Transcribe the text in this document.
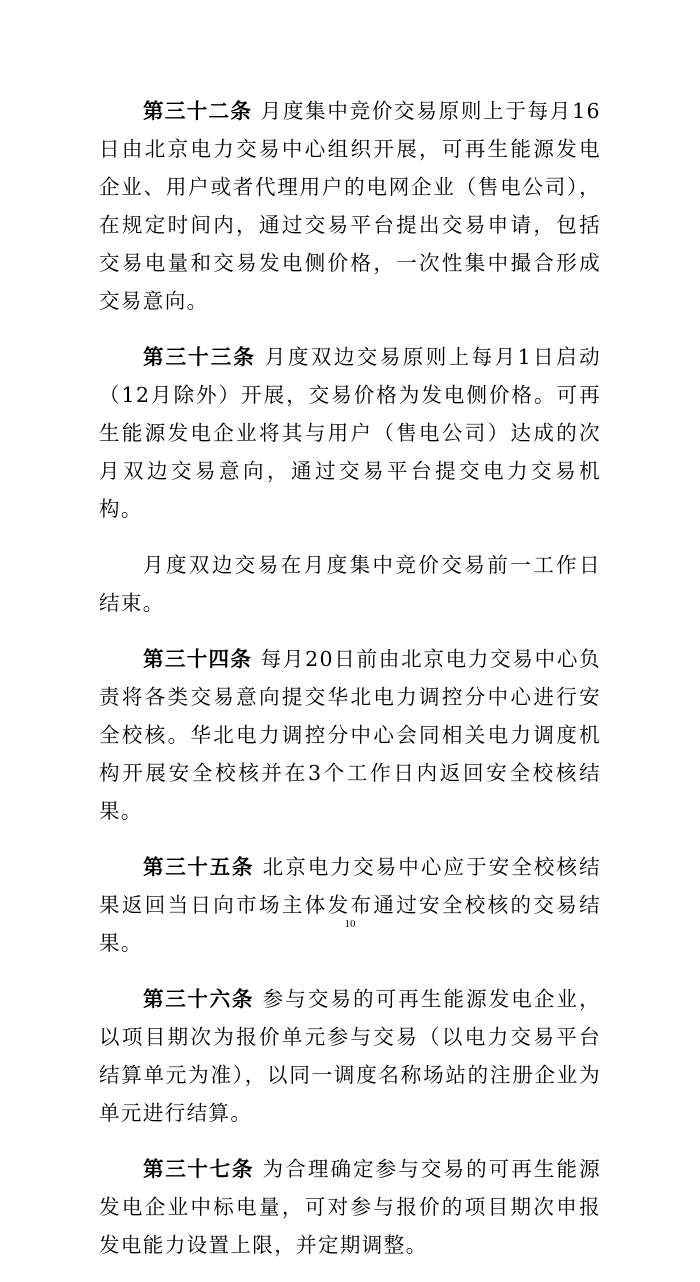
第三十二条 月度集中竞价交易原则上于每月16日由北京电力交易中心组织开展，可再生能源发电企业、用户或者代理用户的电网企业（售电公司），在规定时间内，通过交易平台提出交易申请，包括交易电量和交易发电侧价格，一次性集中撮合形成交易意向。

第三十三条 月度双边交易原则上每月1日启动（12月除外）开展，交易价格为发电侧价格。可再生能源发电企业将其与用户（售电公司）达成的次月双边交易意向，通过交易平台提交电力交易机构。

月度双边交易在月度集中竞价交易前一工作日结束。

第三十四条 每月20日前由北京电力交易中心负责将各类交易意向提交华北电力调控分中心进行安全校核。华北电力调控分中心会同相关电力调度机构开展安全校核并在3个工作日内返回安全校核结果。

第三十五条 北京电力交易中心应于安全校核结果返回当日向市场主体发布通过安全校核的交易结果。

第三十六条 参与交易的可再生能源发电企业，以项目期次为报价单元参与交易（以电力交易平台结算单元为准），以同一调度名称场站的注册企业为单元进行结算。

第三十七条 为合理确定参与交易的可再生能源发电企业中标电量，可对参与报价的项目期次申报发电能力设置上限，并定期调整。

10
